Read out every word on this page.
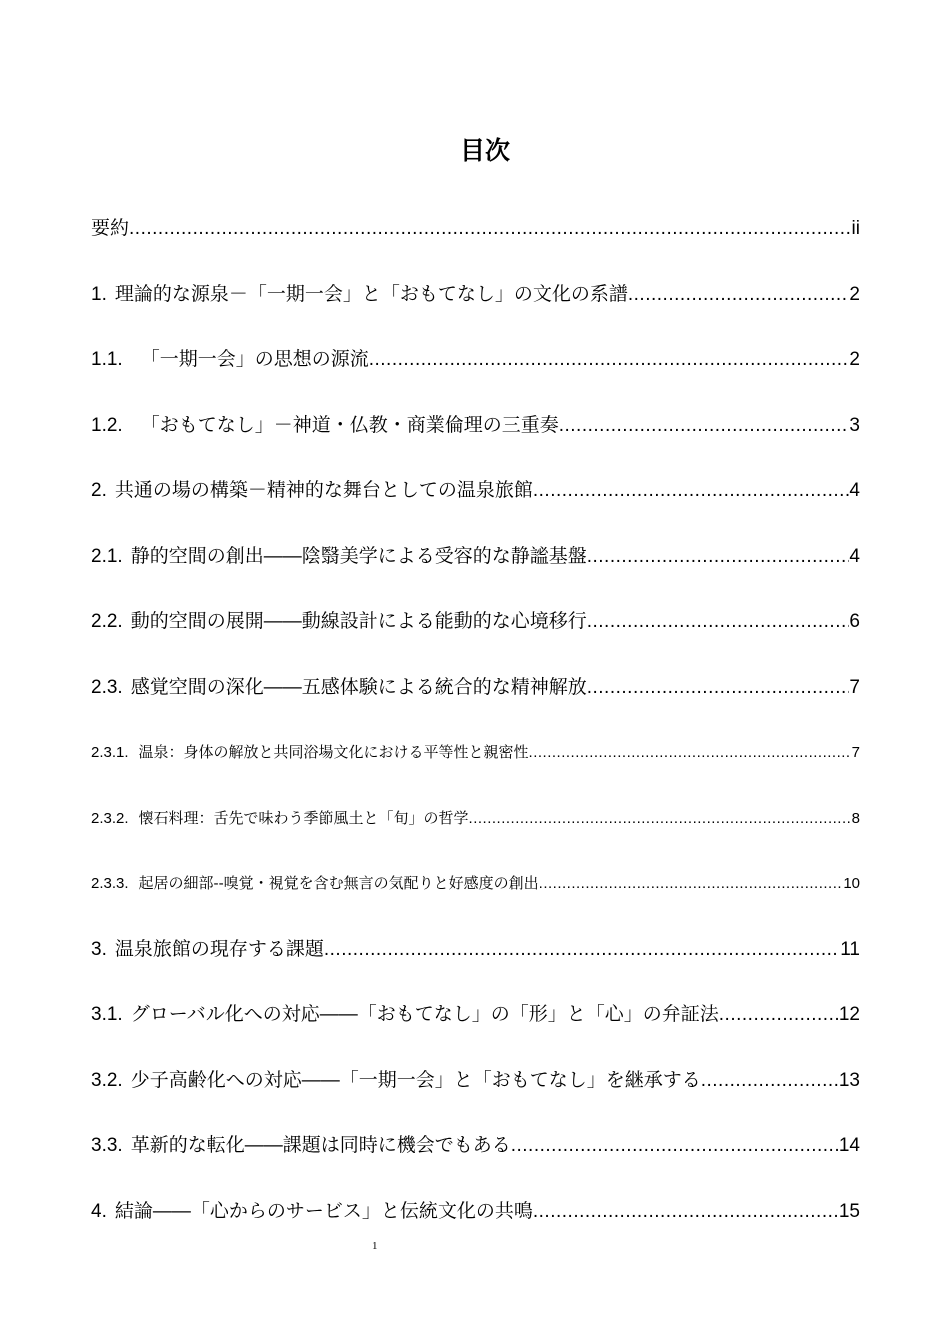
目次
要約 .....	ii
1. 理論的な源泉－「一期一会」と「おもてなし」の文化の系譜 .....	2
1.1. 「一期一会」の思想の源流 .....	2
1.2. 「おもてなし」－神道・仏教・商業倫理の三重奏 .....	3
2. 共通の場の構築－精神的な舞台としての温泉旅館 .....	4
2.1. 静的空間の創出――陰翳美学による受容的な静謐基盤 .....	4
2.2. 動的空間の展開――動線設計による能動的な心境移行 .....	6
2.3. 感覚空間の深化――五感体験による統合的な精神解放 .....	7
2.3.1. 温泉：身体の解放と共同浴場文化における平等性と親密性 .....	7
2.3.2. 懐石料理：舌先で味わう季節風土と「旬」の哲学 .....	8
2.3.3. 起居の細部--嗅覚・視覚を含む無言の気配りと好感度の創出 .....	10
3. 温泉旅館の現存する課題 .....	11
3.1. グローバル化への対応――「おもてなし」の「形」と「心」の弁証法 .....	12
3.2. 少子高齢化への対応――「一期一会」と「おもてなし」を継承する .....	13
3.3. 革新的な転化――課題は同時に機会でもある .....	14
4. 結論――「心からのサービス」と伝統文化の共鳴 .....	15
1
